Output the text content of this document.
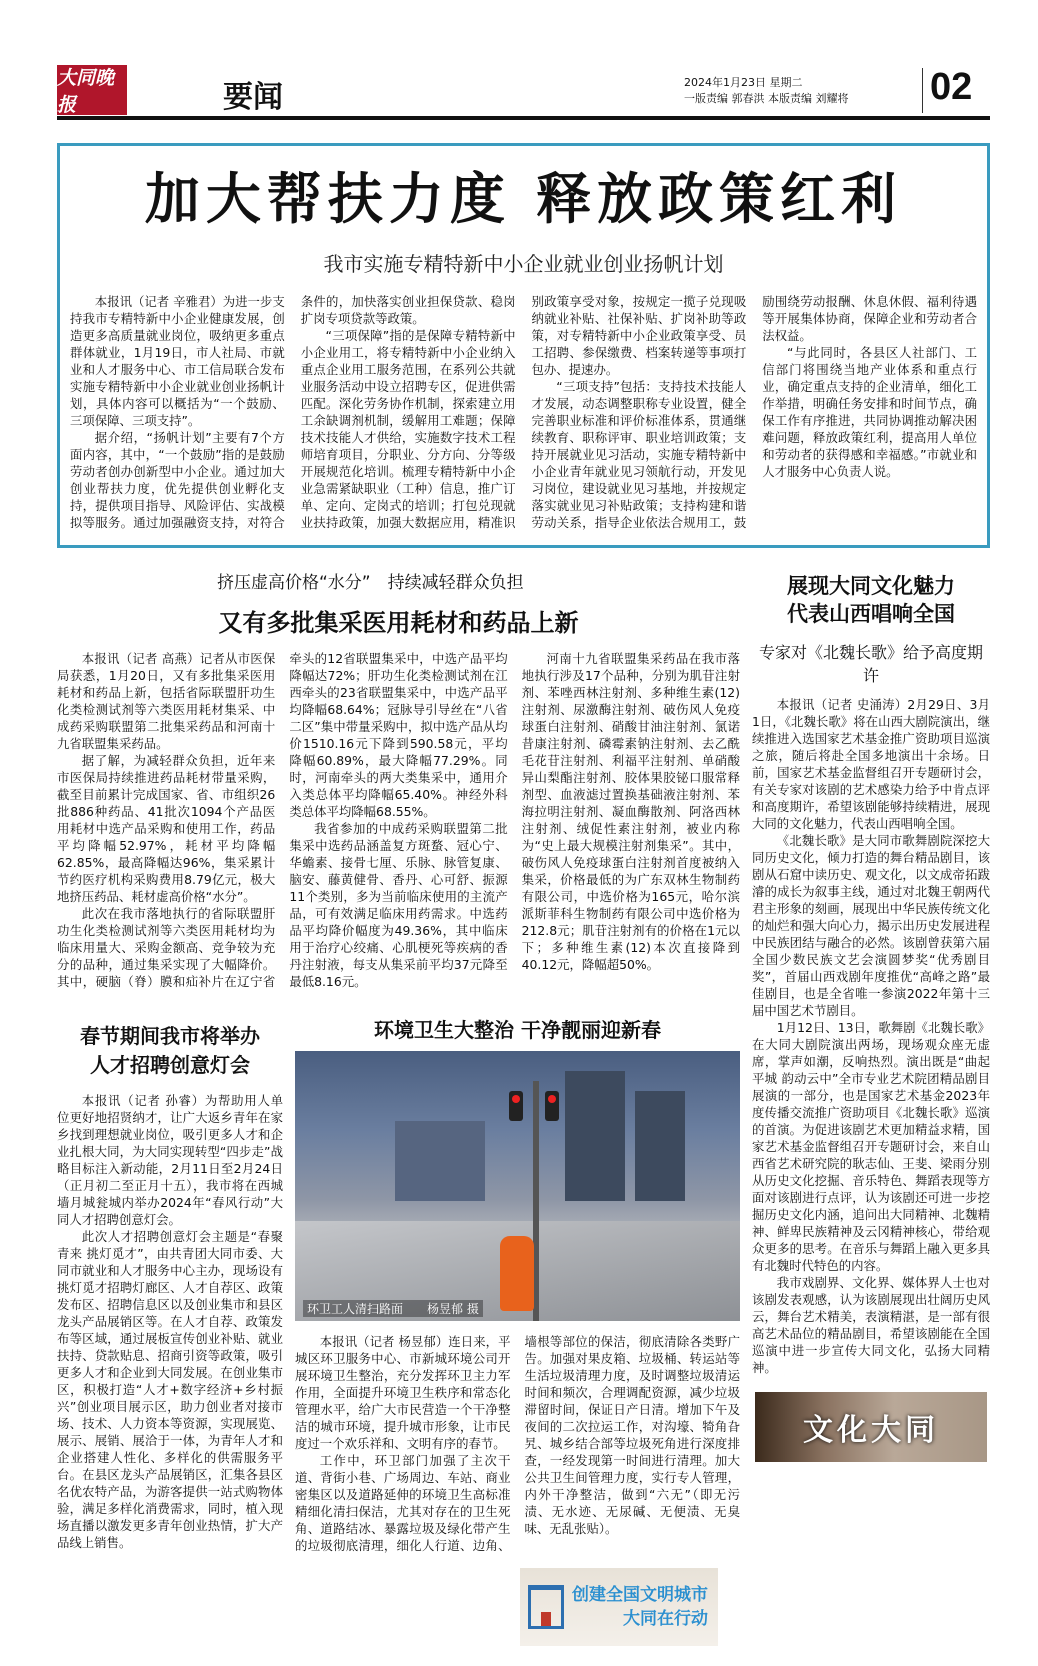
大同晚报	要闻	2024年1月23日 星期二
一版责编 郭春洪 本版责编 刘耀将 02
加大帮扶力度 释放政策红利
我市实施专精特新中小企业就业创业扬帆计划

本报讯（记者 辛雅君）为进一步支持我市专精特新中小企业健康发展，创造更多高质量就业岗位，吸纳更多重点群体就业，1月19日，市人社局、市就业和人才服务中心、市工信局联合发布实施专精特新中小企业就业创业扬帆计划，具体内容可以概括为“一个鼓励、三项保障、三项支持”。

据介绍，“扬帆计划”主要有7个方面内容，其中，“一个鼓励”指的是鼓励劳动者创办创新型中小企业。通过加大创业帮扶力度，优先提供创业孵化支持，提供项目指导、风险评估、实战模拟等服务。通过加强融资支持，对符合条件的，加快落实创业担保贷款、稳岗扩岗专项贷款等政策。

“三项保障”指的是保障专精特新中小企业用工，将专精特新中小企业纳入重点企业用工服务范围，在系列公共就业服务活动中设立招聘专区，促进供需匹配。深化劳务协作机制，探索建立用工余缺调剂机制，缓解用工难题；保障技术技能人才供给，实施数字技术工程师培育项目，分职业、分方向、分等级开展规范化培训。梳理专精特新中小企业急需紧缺职业（工种）信息，推广订单、定向、定岗式的培训；打包兑现就业扶持政策，加强大数据应用，精准识别政策享受对象，按规定一揽子兑现吸纳就业补贴、社保补贴、扩岗补助等政策，对专精特新中小企业政策享受、员工招聘、参保缴费、档案转递等事项打包办、提速办。

“三项支持”包括：支持技术技能人才发展，动态调整职称专业设置，健全完善职业标准和评价标准体系，贯通继续教育、职称评审、职业培训政策；支持开展就业见习活动，实施专精特新中小企业青年就业见习领航行动，开发见习岗位，建设就业见习基地，并按规定落实就业见习补贴政策；支持构建和谐劳动关系，指导企业依法合规用工，鼓励围绕劳动报酬、休息休假、福利待遇等开展集体协商，保障企业和劳动者合法权益。

“与此同时，各县区人社部门、工信部门将围绕当地产业体系和重点行业，确定重点支持的企业清单，细化工作举措，明确任务安排和时间节点，确保工作有序推进，共同协调推动解决困难问题，释放政策红利，提高用人单位和劳动者的获得感和幸福感。”市就业和人才服务中心负责人说。

挤压虚高价格“水分”　持续减轻群众负担
又有多批集采医用耗材和药品上新

本报讯（记者 高燕）记者从市医保局获悉，1月20日，又有多批集采医用耗材和药品上新，包括省际联盟肝功生化类检测试剂等六类医用耗材集采、中成药采购联盟第二批集采药品和河南十九省联盟集采药品。

据了解，为减轻群众负担，近年来市医保局持续推进药品耗材带量采购，截至目前累计完成国家、省、市组织26批886种药品、41批次1094个产品医用耗材中选产品采购和使用工作，药品平均降幅52.97%，耗材平均降幅62.85%，最高降幅达96%，集采累计节约医疗机构采购费用8.79亿元，极大地挤压药品、耗材虚高价格“水分”。

此次在我市落地执行的省际联盟肝功生化类检测试剂等六类医用耗材均为临床用量大、采购金额高、竞争较为充分的品种，通过集采实现了大幅降价。其中，硬脑（脊）膜和疝补片在辽宁省牵头的12省联盟集采中，中选产品平均降幅达72%；肝功生化类检测试剂在江西牵头的23省联盟集采中，中选产品平均降幅68.64%；冠脉导引导丝在“八省二区”集中带量采购中，拟中选产品从均价1510.16元下降到590.58元，平均降幅60.89%，最大降幅77.29%。同时，河南牵头的两大类集采中，通用介入类总体平均降幅65.40%。神经外科类总体平均降幅68.55%。

我省参加的中成药采购联盟第二批集采中选药品涵盖复方斑蝥、冠心宁、华蟾素、接骨七厘、乐脉、脉管复康、脑安、藤黄健骨、香丹、心可舒、振源11个类别，多为当前临床使用的主流产品，可有效满足临床用药需求。中选药品平均降价幅度为49.36%，其中临床用于治疗心绞痛、心肌梗死等疾病的香丹注射液，每支从集采前平均37元降至最低8.16元。

河南十九省联盟集采药品在我市落地执行涉及17个品种，分别为肌苷注射剂、苯唑西林注射剂、多种维生素(12)注射剂、尿激酶注射剂、破伤风人免疫球蛋白注射剂、硝酸甘油注射剂、氯诺昔康注射剂、磷霉素钠注射剂、去乙酰毛花苷注射剂、利福平注射剂、单硝酸异山梨酯注射剂、胶体果胶铋口服常释剂型、血液滤过置换基础液注射剂、苯海拉明注射剂、凝血酶散剂、阿洛西林注射剂、绒促性素注射剂，被业内称为“史上最大规模注射剂集采”。其中，破伤风人免疫球蛋白注射剂首度被纳入集采，价格最低的为广东双林生物制药有限公司，中选价格为165元，哈尔滨派斯菲科生物制药有限公司中选价格为212.8元；肌苷注射剂有的价格在1元以下；多种维生素(12)本次直接降到40.12元，降幅超50%。

春节期间我市将举办
人才招聘创意灯会

本报讯（记者 孙睿）为帮助用人单位更好地招贤纳才，让广大返乡青年在家乡找到理想就业岗位，吸引更多人才和企业扎根大同，为大同实现转型“四步走”战略目标注入新动能，2月11日至2月24日（正月初二至正月十五），我市将在西城墙月城瓮城内举办2024年“春风行动”大同人才招聘创意灯会。

此次人才招聘创意灯会主题是“春聚青来 挑灯觅才”，由共青团大同市委、大同市就业和人才服务中心主办，现场设有挑灯觅才招聘灯廊区、人才自荐区、政策发布区、招聘信息区以及创业集市和县区龙头产品展销区等。在人才自荐、政策发布等区域，通过展板宣传创业补贴、就业扶持、贷款贴息、招商引资等政策，吸引更多人才和企业到大同发展。在创业集市区，积极打造“人才+数字经济+乡村振兴”创业项目展示区，助力创业者对接市场、技术、人力资本等资源，实现展览、展示、展销、展洽于一体，为青年人才和企业搭建人性化、多样化的供需服务平台。在县区龙头产品展销区，汇集各县区名优农特产品，为游客提供一站式购物体验，满足多样化消费需求，同时，植入现场直播以激发更多青年创业热情，扩大产品线上销售。

环境卫生大整治 干净靓丽迎新春
环卫工人清扫路面　　 杨昱郁 摄

本报讯（记者 杨昱郁）连日来，平城区环卫服务中心、市新城环境公司开展环境卫生整治，充分发挥环卫主力军作用，全面提升环境卫生秩序和常态化管理水平，给广大市民营造一个干净整洁的城市环境，提升城市形象，让市民度过一个欢乐祥和、文明有序的春节。

工作中，环卫部门加强了主次干道、背街小巷、广场周边、车站、商业密集区以及道路延伸的环境卫生高标准精细化清扫保洁，尤其对存在的卫生死角、道路结冰、暴露垃圾及绿化带产生的垃圾彻底清理，细化人行道、边角、墙根等部位的保洁，彻底清除各类野广告。加强对果皮箱、垃圾桶、转运站等生活垃圾清理力度，及时调整垃圾清运时间和频次，合理调配资源，减少垃圾滞留时间，保证日产日清。增加下午及夜间的二次拉运工作，对沟壕、犄角旮旯、城乡结合部等垃圾死角进行深度排查，一经发现第一时间进行清理。加大公共卫生间管理力度，实行专人管理，内外干净整洁，做到“六无”（即无污渍、无水迹、无尿碱、无便渍、无臭味、无乱张贴）。

创建全国文明城市
大同在行动
展现大同文化魅力
代表山西唱响全国
专家对《北魏长歌》给予高度期许

本报讯（记者 史涌涛）2月29日、3月1日，《北魏长歌》将在山西大剧院演出，继续推进入选国家艺术基金推广资助项目巡演之旅，随后将赴全国多地演出十余场。日前，国家艺术基金监督组召开专题研讨会，有关专家对该剧的艺术感染力给予中肯点评和高度期许，希望该剧能够持续精进，展现大同的文化魅力，代表山西唱响全国。

《北魏长歌》是大同市歌舞剧院深挖大同历史文化，倾力打造的舞台精品剧目，该剧从石窟中读历史、观文化，以文成帝拓跋濬的成长为叙事主线，通过对北魏王朝两代君主形象的刻画，展现出中华民族传统文化的灿烂和强大向心力，揭示出历史发展进程中民族团结与融合的必然。该剧曾获第六届全国少数民族文艺会演圆梦奖“优秀剧目奖”，首届山西戏剧年度推优“高峰之路”最佳剧目，也是全省唯一参演2022年第十三届中国艺术节剧目。

1月12日、13日，歌舞剧《北魏长歌》在大同大剧院演出两场，现场观众座无虚席，掌声如潮，反响热烈。演出既是“曲起平城 韵动云中”全市专业艺术院团精品剧目展演的一部分，也是国家艺术基金2023年度传播交流推广资助项目《北魏长歌》巡演的首演。为促进该剧艺术更加精益求精，国家艺术基金监督组召开专题研讨会，来自山西省艺术研究院的耿志仙、王斐、梁雨分别从历史文化挖掘、音乐特色、舞蹈表现等方面对该剧进行点评，认为该剧还可进一步挖掘历史文化内涵，追问出大同精神、北魏精神、鲜卑民族精神及云冈精神核心，带给观众更多的思考。在音乐与舞蹈上融入更多具有北魏时代特色的内容。

我市戏剧界、文化界、媒体界人士也对该剧发表观感，认为该剧展现出壮阔历史风云，舞台艺术精美，表演精湛，是一部有很高艺术品位的精品剧目，希望该剧能在全国巡演中进一步宣传大同文化，弘扬大同精神。

文化大同
